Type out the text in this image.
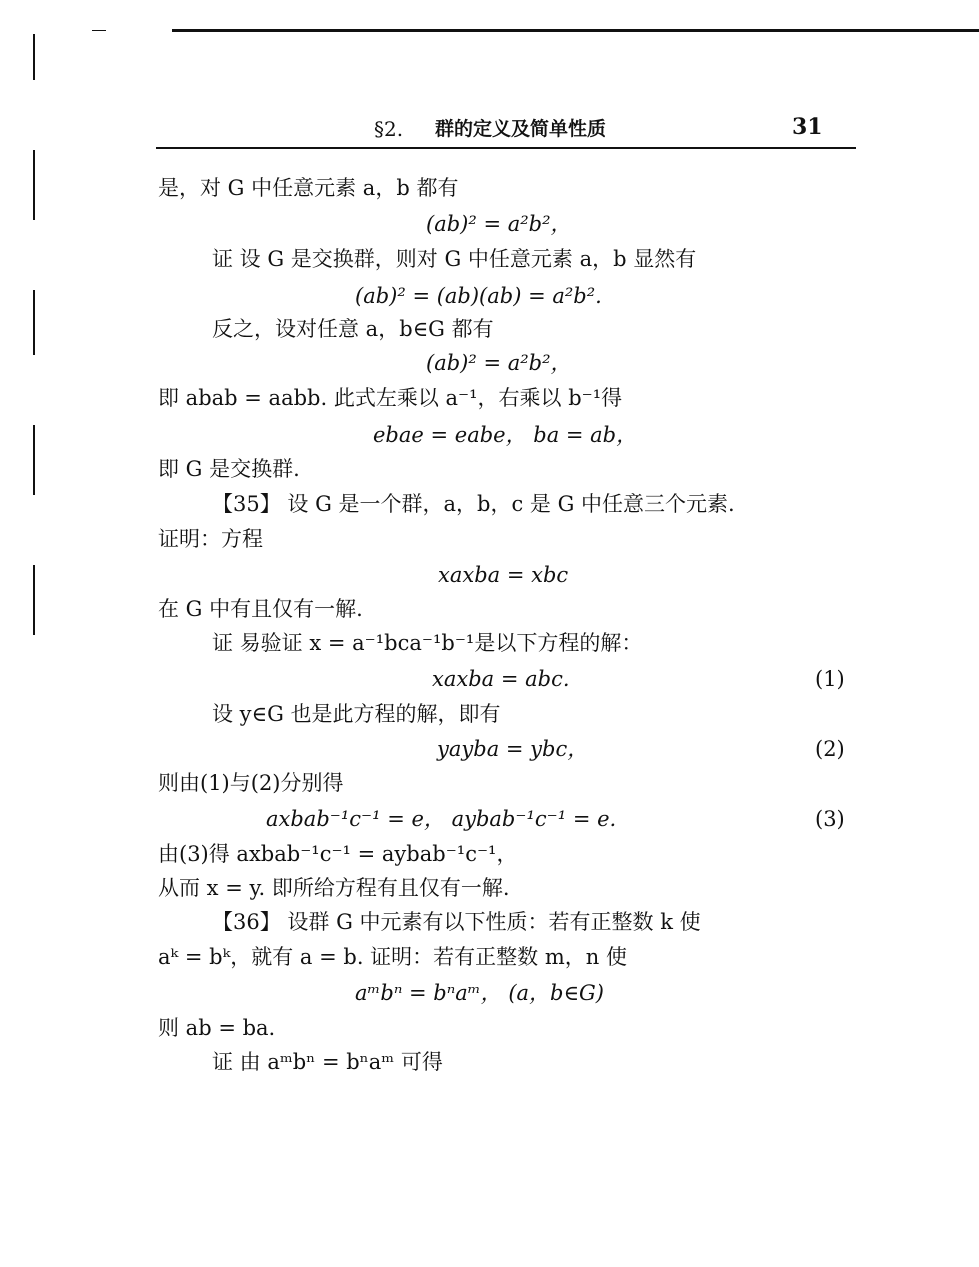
§2. 群的定义及简单性质	31
是，对 G 中任意元素 a，b 都有
(ab)² = a²b²，
证 设 G 是交换群，则对 G 中任意元素 a，b 显然有
(ab)² = (ab)(ab) = a²b².
反之，设对任意 a，b∈G 都有
(ab)² = a²b²，
即 abab = aabb. 此式左乘以 a⁻¹，右乘以 b⁻¹得
ebae = eabe， ba = ab，
即 G 是交换群.
【35】 设 G 是一个群，a，b，c 是 G 中任意三个元素.
证明：方程
xaxba = xbc
在 G 中有且仅有一解.
证 易验证 x = a⁻¹bca⁻¹b⁻¹是以下方程的解：
xaxba = abc.	(1)
设 y∈G 也是此方程的解，即有
yayba = ybc，	(2)
则由(1)与(2)分别得
axbab⁻¹c⁻¹ = e， aybab⁻¹c⁻¹ = e.	(3)
由(3)得 axbab⁻¹c⁻¹ = aybab⁻¹c⁻¹，
从而 x = y. 即所给方程有且仅有一解.
【36】 设群 G 中元素有以下性质：若有正整数 k 使
aᵏ = bᵏ，就有 a = b. 证明：若有正整数 m，n 使
aᵐbⁿ = bⁿaᵐ， (a，b∈G)
则 ab = ba.
证 由 aᵐbⁿ = bⁿaᵐ 可得
